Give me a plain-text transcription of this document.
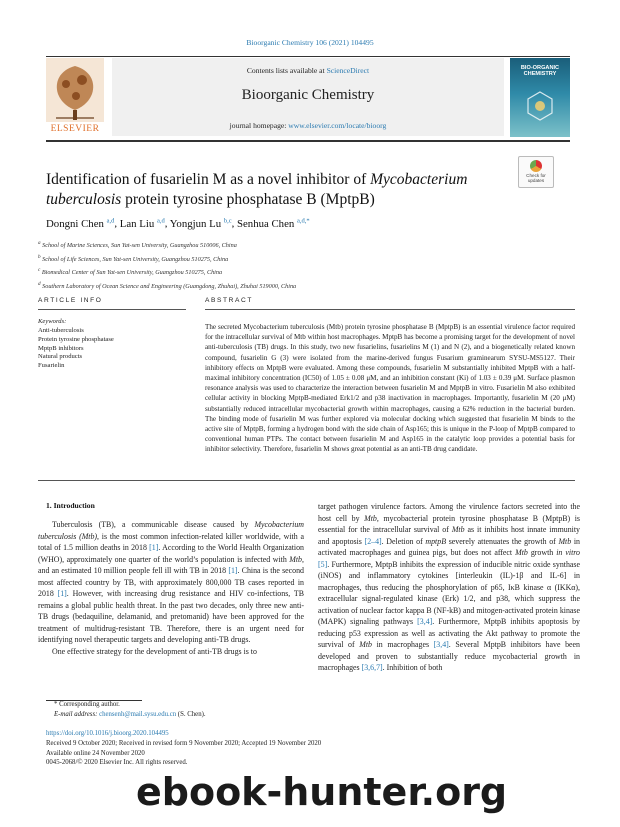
Bioorganic Chemistry 106 (2021) 104495
ELSEVIER
Contents lists available at ScienceDirect
Bioorganic Chemistry
journal homepage: www.elsevier.com/locate/bioorg
BIO-ORGANIC CHEMISTRY
Check for updates
Identification of fusarielin M as a novel inhibitor of Mycobacterium tuberculosis protein tyrosine phosphatase B (MptpB)
Dongni Chen $^{a,d}$, Lan Liu $^{a,d}$, Yongjun Lu $^{b,c}$, Senhua Chen $^{a,d,*}$
$^a$ School of Marine Sciences, Sun Yat-sen University, Guangzhou 510006, China
$^b$ School of Life Sciences, Sun Yat-sen University, Guangzhou 510275, China
$^c$ Biomedical Center of Sun Yat-sen University, Guangzhou 510275, China
$^d$ Southern Laboratory of Ocean Science and Engineering (Guangdong, Zhuhai), Zhuhai 519000, China
ARTICLE INFO
Keywords:
Anti-tuberculosis
Protein tyrosine phosphatase
MptpB inhibitors
Natural products
Fusarielin
ABSTRACT
The secreted Mycobacterium tuberculosis (Mtb) protein tyrosine phosphatase B (MptpB) is an essential virulence factor required for the intracellular survival of Mtb within host macrophages. MptpB has become a promising target for the development of novel anti-tuberculosis (TB) drugs. In this study, two new fusarielins, fusarielins M (1) and N (2), and a biogenetically related known compound, fusarielin G (3) were isolated from the marine-derived fungus Fusarium graminearum SYSU-MS5127. Their inhibitory effects on MptpB were evaluated. Among these compounds, fusarielin M substantially inhibited MptpB with a half-maximal inhibitory concentration (IC50) of 1.05 ± 0.08 μM, and an inhibition constant (Ki) of 1.03 ± 0.39 μM. Surface plasmon resonance analysis was used to characterize the interaction between fusarielin M and MptpB in vitro. Fusarielin M also exhibited cellular activity in blocking MptpB-mediated Erk1/2 and p38 inactivation in macrophages. Importantly, fusarielin M (20 μM) substantially reduced intracellular mycobacterial growth within macrophages, causing a 62% reduction in the bacterial burden. The binding mode of fusarielin M was further explored via molecular docking which suggested that fusarielin M binds to the active site of MptpB, forming a hydrogen bond with the side chain of Asp165; this is unique in the P-loop of MptpB compared to conventional human PTPs. The contact between fusarielin M and Asp165 in the catalytic loop provides a potential basis for inhibitor selectivity. Therefore, fusarielin M shows great potential as an anti-TB drug candidate.
1. Introduction

Tuberculosis (TB), a communicable disease caused by Mycobacterium tuberculosis (Mtb), is the most common infection-related killer worldwide, with a total of 1.5 million deaths in 2018 [1]. According to the World Health Organization (WHO), approximately one quarter of the world’s population is infected with Mtb, and an estimated 10 million people fell ill with TB in 2018 [1]. China is the second most affected country by TB, with approximately 800,000 TB cases reported in 2018 [1]. However, with increasing drug resistance and HIV co-infections, TB remains a global public health threat. In the past two decades, only three new anti-TB drugs (bedaquiline, delamanid, and pretomanid) have been approved for the treatment of multidrug-resistant TB. Therefore, there is an urgent need for identifying novel therapeutic targets and developing anti-TB drugs.

One effective strategy for the development of anti-TB drugs is to

target pathogen virulence factors. Among the virulence factors secreted into the host cell by Mtb, mycobacterial protein tyrosine phosphatase B (MptpB) is essential for the intracellular survival of Mtb as it inhibits host innate immunity and apoptosis [2–4]. Deletion of mptpB severely attenuates the growth of Mtb in activated macrophages and guinea pigs, but does not affect Mtb growth in vitro [5]. Furthermore, MptpB inhibits the expression of inducible nitric oxide synthase (iNOS) and inflammatory cytokines [interleukin (IL)-1β and IL-6] in macrophages, thus reducing the phosphorylation of p65, IκB kinase α (IKKα), extracellular signal-regulated kinase (Erk) 1/2, and p38, which suppress the activation of nuclear factor kappa B (NF-kB) and mitogen-activated protein kinase (MAPK) signaling pathways [3,4]. Furthermore, MptpB inhibits apoptosis by reducing p53 expression as well as activating the Akt pathway to promote the survival of Mtb in macrophages [3,4]. Several MptpB inhibitors have been developed and proven to substantially reduce mycobacterial growth in macrophages [3,6,7]. Inhibition of both

* Corresponding author.
E-mail address: chensenh@mail.sysu.edu.cn (S. Chen).
https://doi.org/10.1016/j.bioorg.2020.104495
Received 9 October 2020; Received in revised form 9 November 2020; Accepted 19 November 2020
Available online 24 November 2020
0045-2068/© 2020 Elsevier Inc. All rights reserved.
ebook-hunter.org
